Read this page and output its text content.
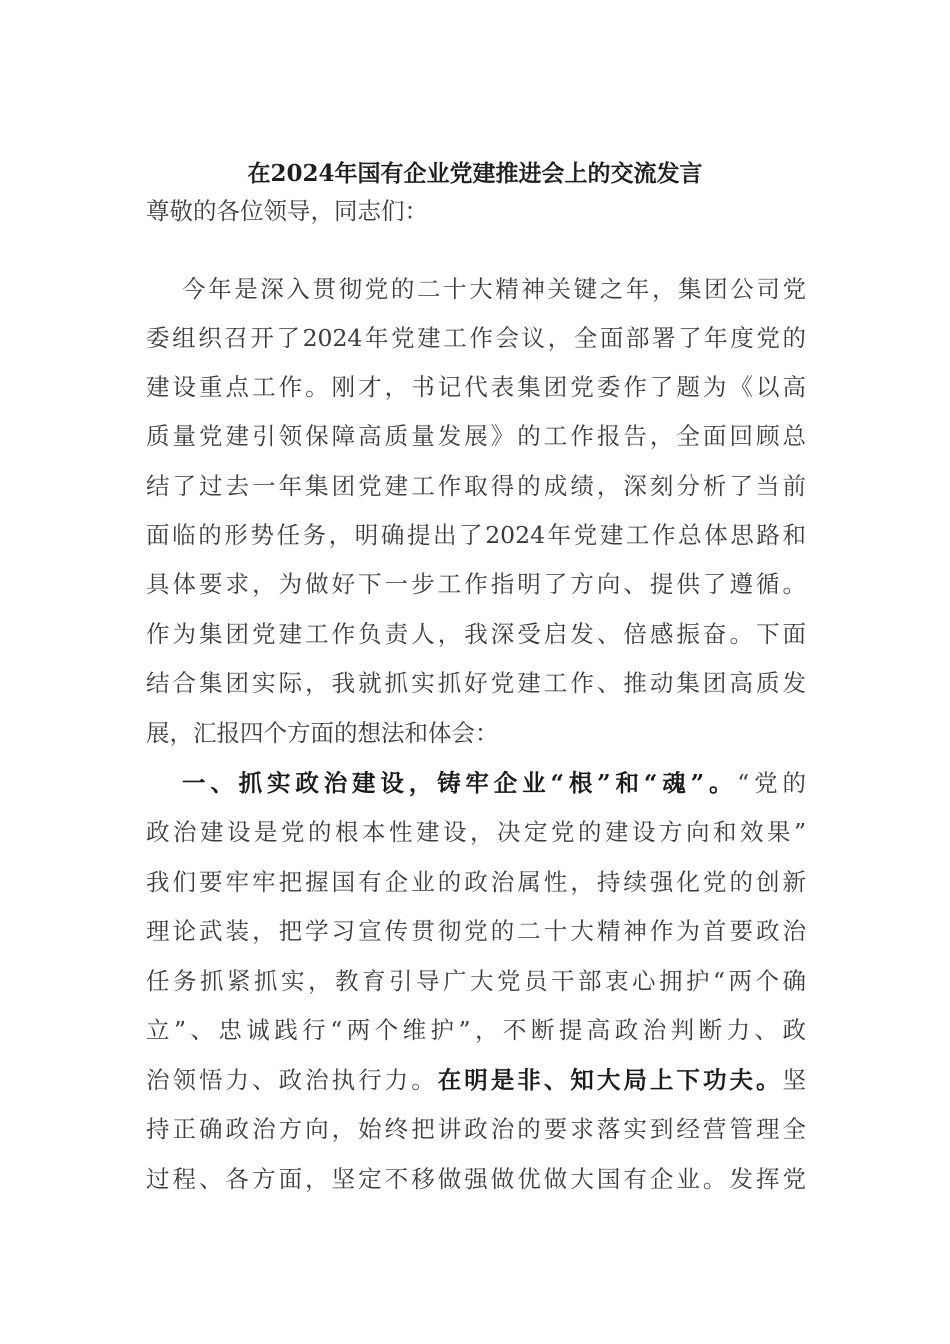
在2024年国有企业党建推进会上的交流发言

尊敬的各位领导，同志们：

今年是深入贯彻党的二十大精神关键之年，集团公司党

委组织召开了2024年党建工作会议，全面部署了年度党的

建设重点工作。刚才，书记代表集团党委作了题为《以高

质量党建引领保障高质量发展》的工作报告，全面回顾总

结了过去一年集团党建工作取得的成绩，深刻分析了当前

面临的形势任务，明确提出了2024年党建工作总体思路和

具体要求，为做好下一步工作指明了方向、提供了遵循。

作为集团党建工作负责人，我深受启发、倍感振奋。下面

结合集团实际，我就抓实抓好党建工作、推动集团高质发

展，汇报四个方面的想法和体会：

一、抓实政治建设，铸牢企业“根”和“魂”。“党的

政治建设是党的根本性建设，决定党的建设方向和效果”

我们要牢牢把握国有企业的政治属性，持续强化党的创新

理论武装，把学习宣传贯彻党的二十大精神作为首要政治

任务抓紧抓实，教育引导广大党员干部衷心拥护“两个确

立”、忠诚践行“两个维护”，不断提高政治判断力、政

治领悟力、政治执行力。在明是非、知大局上下功夫。坚

持正确政治方向，始终把讲政治的要求落实到经营管理全

过程、各方面，坚定不移做强做优做大国有企业。发挥党
